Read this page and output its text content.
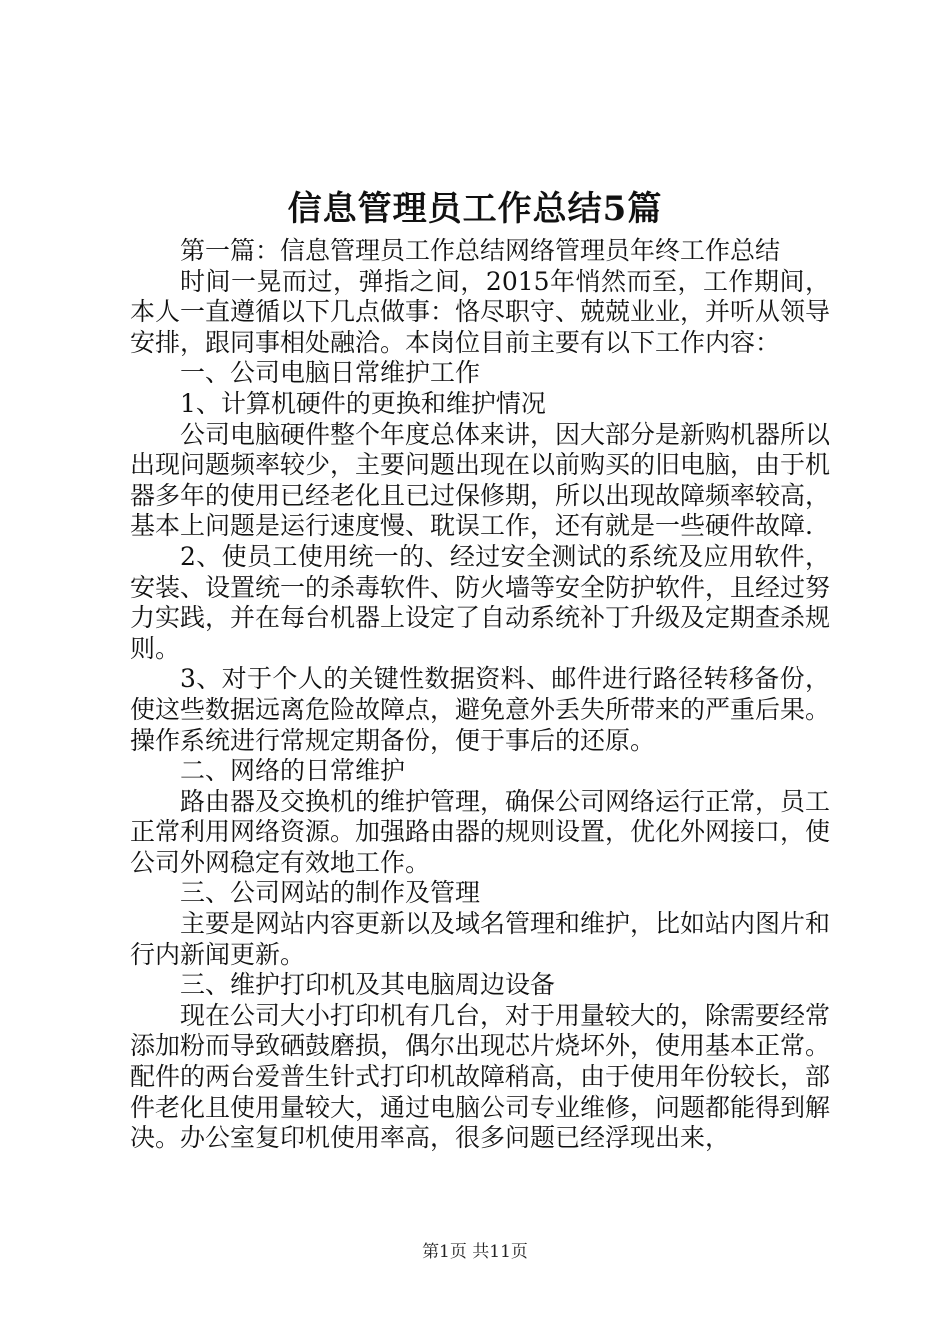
信息管理员工作总结5篇

第一篇：信息管理员工作总结网络管理员年终工作总结

时间一晃而过，弹指之间，2015年悄然而至，工作期间，本人一直遵循以下几点做事：恪尽职守、兢兢业业，并听从领导安排，跟同事相处融洽。本岗位目前主要有以下工作内容：

一、公司电脑日常维护工作

1、计算机硬件的更换和维护情况

公司电脑硬件整个年度总体来讲，因大部分是新购机器所以出现问题频率较少，主要问题出现在以前购买的旧电脑，由于机器多年的使用已经老化且已过保修期，所以出现故障频率较高，基本上问题是运行速度慢、耽误工作，还有就是一些硬件故障.

2、使员工使用统一的、经过安全测试的系统及应用软件，安装、设置统一的杀毒软件、防火墙等安全防护软件，且经过努力实践，并在每台机器上设定了自动系统补丁升级及定期查杀规则。

3、对于个人的关键性数据资料、邮件进行路径转移备份，使这些数据远离危险故障点，避免意外丢失所带来的严重后果。操作系统进行常规定期备份，便于事后的还原。

二、网络的日常维护

路由器及交换机的维护管理，确保公司网络运行正常，员工正常利用网络资源。加强路由器的规则设置，优化外网接口，使公司外网稳定有效地工作。

三、公司网站的制作及管理

主要是网站内容更新以及域名管理和维护，比如站内图片和行内新闻更新。

三、维护打印机及其电脑周边设备

现在公司大小打印机有几台，对于用量较大的，除需要经常添加粉而导致硒鼓磨损，偶尔出现芯片烧坏外，使用基本正常。配件的两台爱普生针式打印机故障稍高，由于使用年份较长，部件老化且使用量较大，通过电脑公司专业维修，问题都能得到解决。办公室复印机使用率高，很多问题已经浮现出来，

第1页 共11页
